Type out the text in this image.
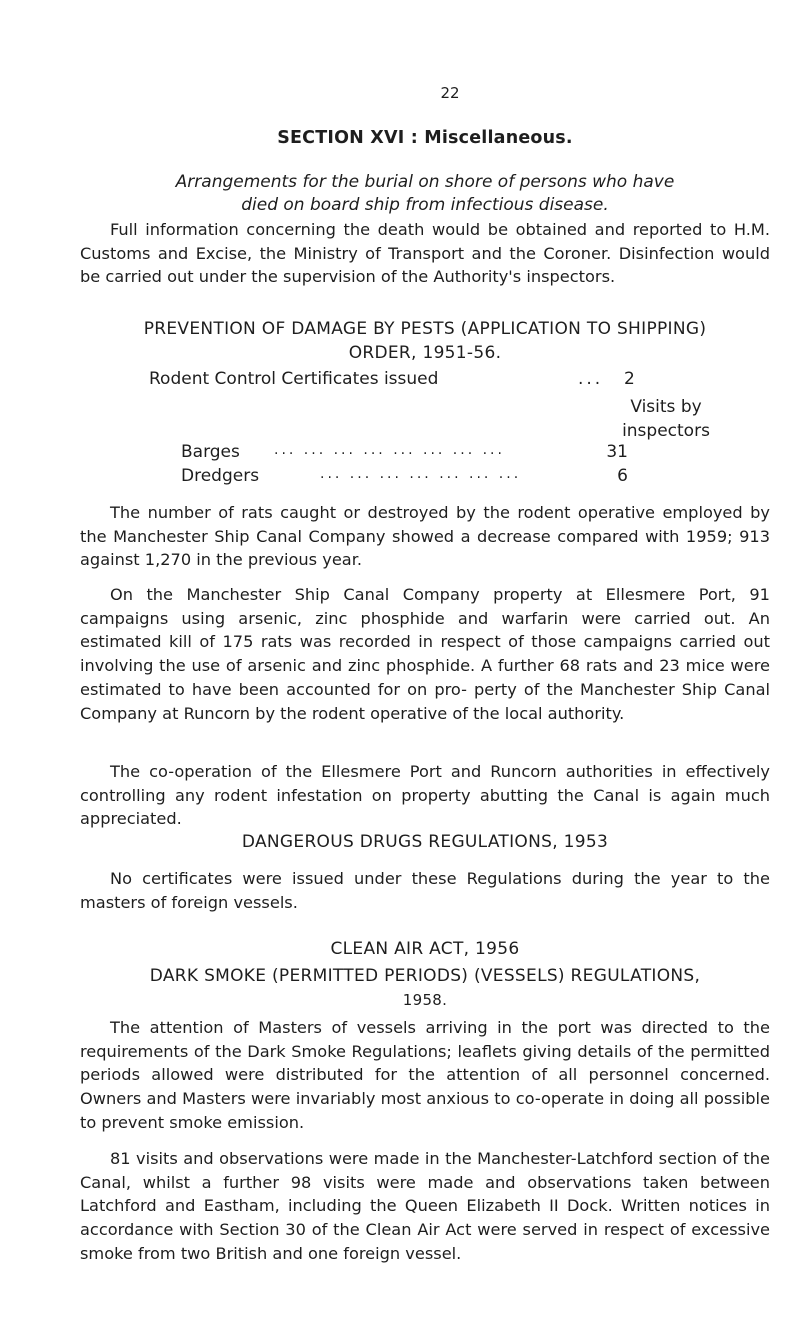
22
SECTION XVI : Miscellaneous.
Arrangements for the burial on shore of persons who have
died on board ship from infectious disease.

Full information concerning the death would be obtained and reported to H.M. Customs and Excise, the Ministry of Transport and the Coroner. Disinfection would be carried out under the supervision of the Authority's inspectors.

PREVENTION OF DAMAGE BY PESTS (APPLICATION TO SHIPPING)
ORDER, 1951-56.
Rodent Control Certificates issued	... 2
Visits by
inspectors
Barges ... ... ... ... ... ... ... ...	31
Dredgers	... ... ... ... ... ... ...	6

The number of rats caught or destroyed by the rodent operative employed by the Manchester Ship Canal Company showed a decrease compared with 1959; 913 against 1,270 in the previous year.

On the Manchester Ship Canal Company property at Ellesmere Port, 91 campaigns using arsenic, zinc phosphide and warfarin were carried out. An estimated kill of 175 rats was recorded in respect of those campaigns carried out involving the use of arsenic and zinc phosphide. A further 68 rats and 23 mice were estimated to have been accounted for on pro- perty of the Manchester Ship Canal Company at Runcorn by the rodent operative of the local authority.

The co-operation of the Ellesmere Port and Runcorn authorities in effectively controlling any rodent infestation on property abutting the Canal is again much appreciated.

DANGEROUS DRUGS REGULATIONS, 1953

No certificates were issued under these Regulations during the year to the masters of foreign vessels.

CLEAN AIR ACT, 1956
DARK SMOKE (PERMITTED PERIODS) (VESSELS) REGULATIONS,
1958.

The attention of Masters of vessels arriving in the port was directed to the requirements of the Dark Smoke Regulations; leaflets giving details of the permitted periods allowed were distributed for the attention of all personnel concerned. Owners and Masters were invariably most anxious to co-operate in doing all possible to prevent smoke emission.

81 visits and observations were made in the Manchester-Latchford section of the Canal, whilst a further 98 visits were made and observations taken between Latchford and Eastham, including the Queen Elizabeth II Dock. Written notices in accordance with Section 30 of the Clean Air Act were served in respect of excessive smoke from two British and one foreign vessel.
